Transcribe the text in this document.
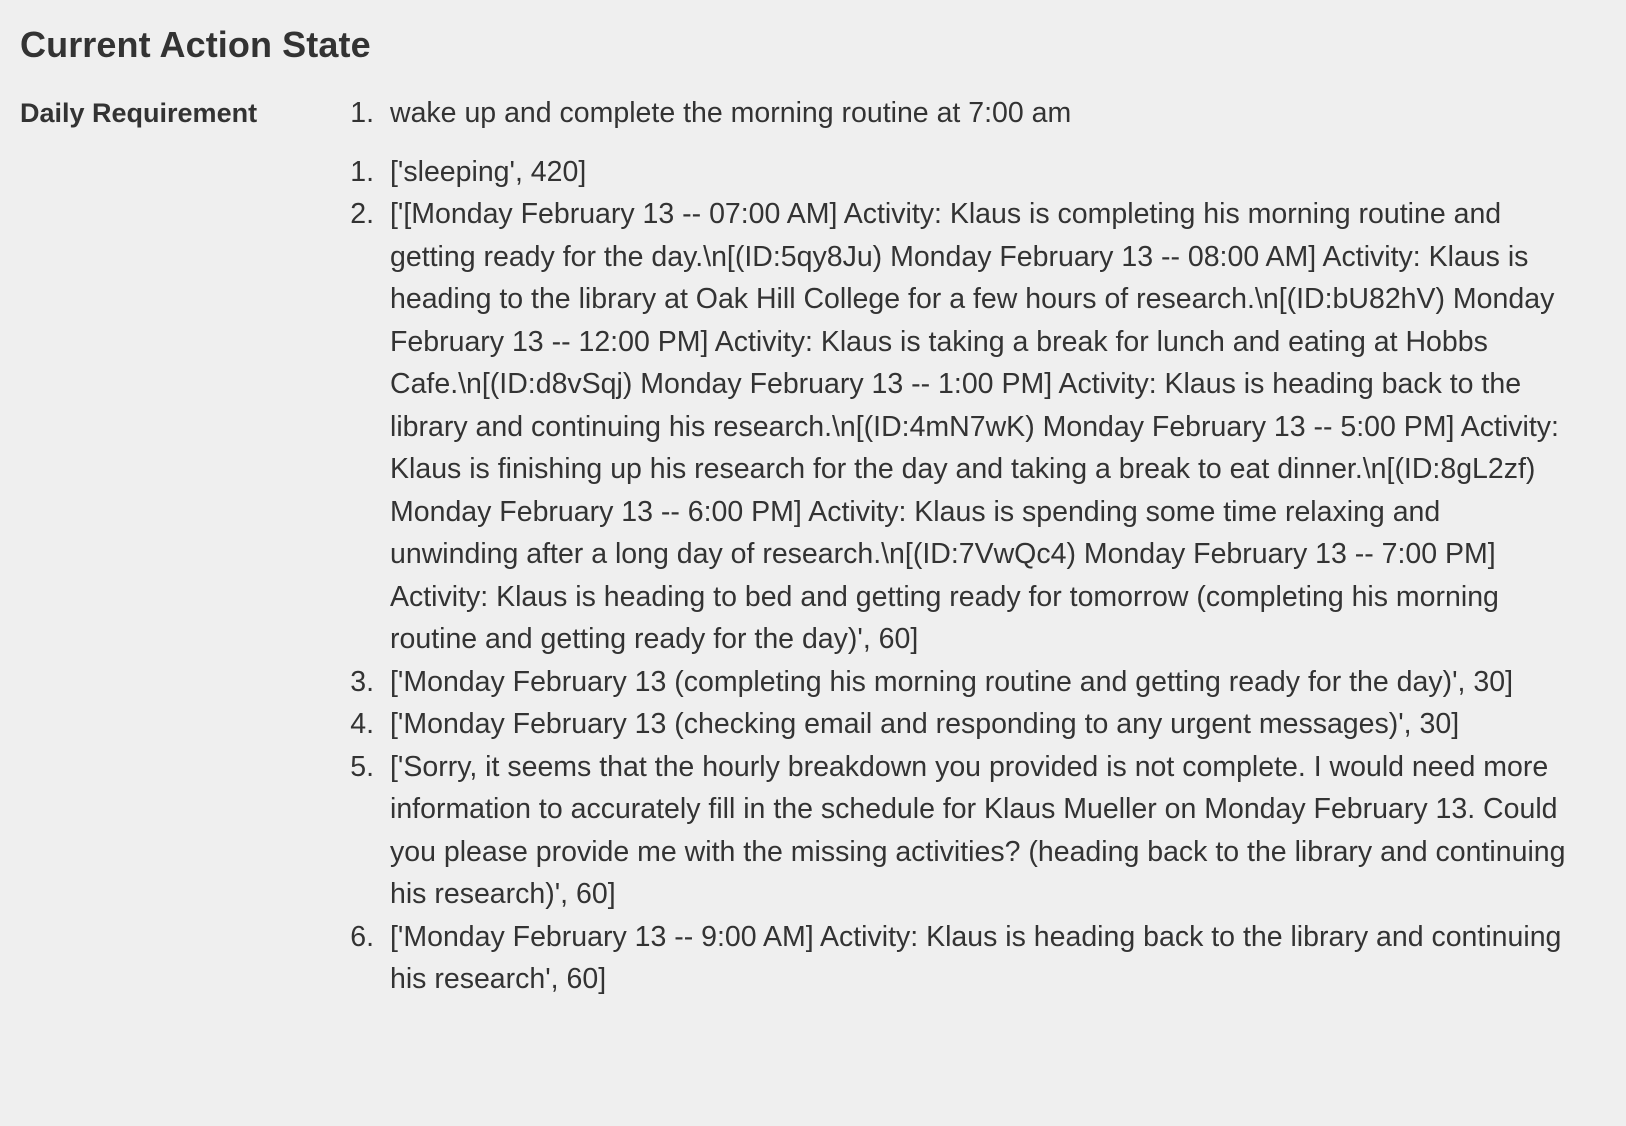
Current Action State
Daily Requirement	1. wake up and complete the morning routine at 7:00 am
1. ['sleeping', 420]
2. ['[Monday February 13 -- 07:00 AM] Activity: Klaus is completing his morning routine and getting ready for the day.\n[(ID:5qy8Ju) Monday February 13 -- 08:00 AM] Activity: Klaus is heading to the library at Oak Hill College for a few hours of research.\n[(ID:bU82hV) Monday February 13 -- 12:00 PM] Activity: Klaus is taking a break for lunch and eating at Hobbs Cafe.\n[(ID:d8vSqj) Monday February 13 -- 1:00 PM] Activity: Klaus is heading back to the library and continuing his research.\n[(ID:4mN7wK) Monday February 13 -- 5:00 PM] Activity: Klaus is finishing up his research for the day and taking a break to eat dinner.\n[(ID:8gL2zf) Monday February 13 -- 6:00 PM] Activity: Klaus is spending some time relaxing and unwinding after a long day of research.\n[(ID:7VwQc4) Monday February 13 -- 7:00 PM] Activity: Klaus is heading to bed and getting ready for tomorrow (completing his morning routine and getting ready for the day)', 60]
3. ['Monday February 13 (completing his morning routine and getting ready for the day)', 30]
4. ['Monday February 13 (checking email and responding to any urgent messages)', 30]
5. ['Sorry, it seems that the hourly breakdown you provided is not complete. I would need more information to accurately fill in the schedule for Klaus Mueller on Monday February 13. Could you please provide me with the missing activities? (heading back to the library and continuing his research)', 60]
6. ['Monday February 13 -- 9:00 AM] Activity: Klaus is heading back to the library and continuing his research', 60]
